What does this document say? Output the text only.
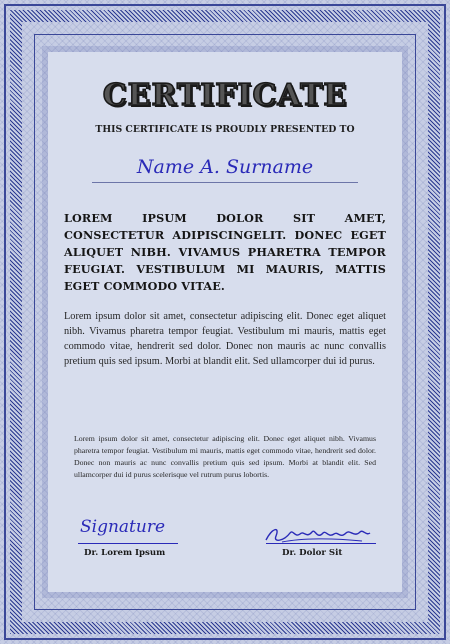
CERTIFICATE
THIS CERTIFICATE IS PROUDLY PRESENTED TO
Name A. Surname
LOREM IPSUM DOLOR SIT AMET, CONSECTETUR ADIPISCINGELIT. DONEC EGET ALIQUET NIBH. VIVAMUS PHARETRA TEMPOR FEUGIAT. VESTIBULUM MI MAURIS, MATTIS EGET COMMODO VITAE.
Lorem ipsum dolor sit amet, consectetur adipiscing elit. Donec eget aliquet nibh. Vivamus pharetra tempor feugiat. Vestibulum mi mauris, mattis eget commodo vitae, hendrerit sed dolor. Donec non mauris ac nunc convallis pretium quis sed ipsum. Morbi at blandit elit. Sed ullamcorper dui id purus.
Lorem ipsum dolor sit amet, consectetur adipiscing elit. Donec eget aliquet nibh. Vivamus pharetra tempor feugiat. Vestibulum mi mauris, mattis eget commodo vitae, hendrerit sed dolor. Donec non mauris ac nunc convallis pretium quis sed ipsum. Morbi at blandit elit. Sed ullamcorper dui id purus scelerisque vel rutrum purus lobortis.
Signature
Dr. Lorem Ipsum	Dr. Dolor Sit
